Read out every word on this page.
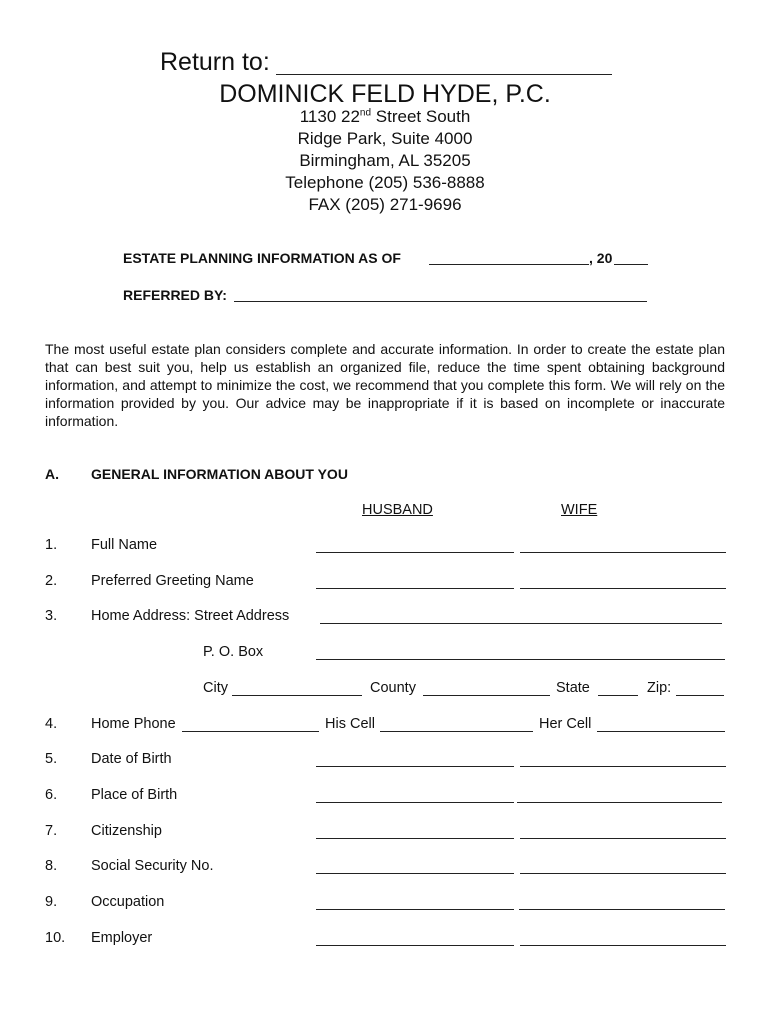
Return to:
DOMINICK FELD HYDE, P.C.
1130 22nd Street South
Ridge Park, Suite 4000
Birmingham, AL 35205
Telephone (205) 536-8888
FAX (205) 271-9696
ESTATE PLANNING INFORMATION AS OF	, 20
REFERRED BY:
The most useful estate plan considers complete and accurate information. In order to create the estate plan that can best suit you, help us establish an organized file, reduce the time spent obtaining background information, and attempt to minimize the cost, we recommend that you complete this form. We will rely on the information provided by you. Our advice may be inappropriate if it is based on incomplete or inaccurate information.
A. GENERAL INFORMATION ABOUT YOU
HUSBAND	WIFE
1. Full Name
2. Preferred Greeting Name
3. Home Address: Street Address
P. O. Box
City	County	State	Zip:
4. Home Phone	His Cell	Her Cell
5. Date of Birth
6. Place of Birth
7. Citizenship
8. Social Security No.
9. Occupation
10. Employer
